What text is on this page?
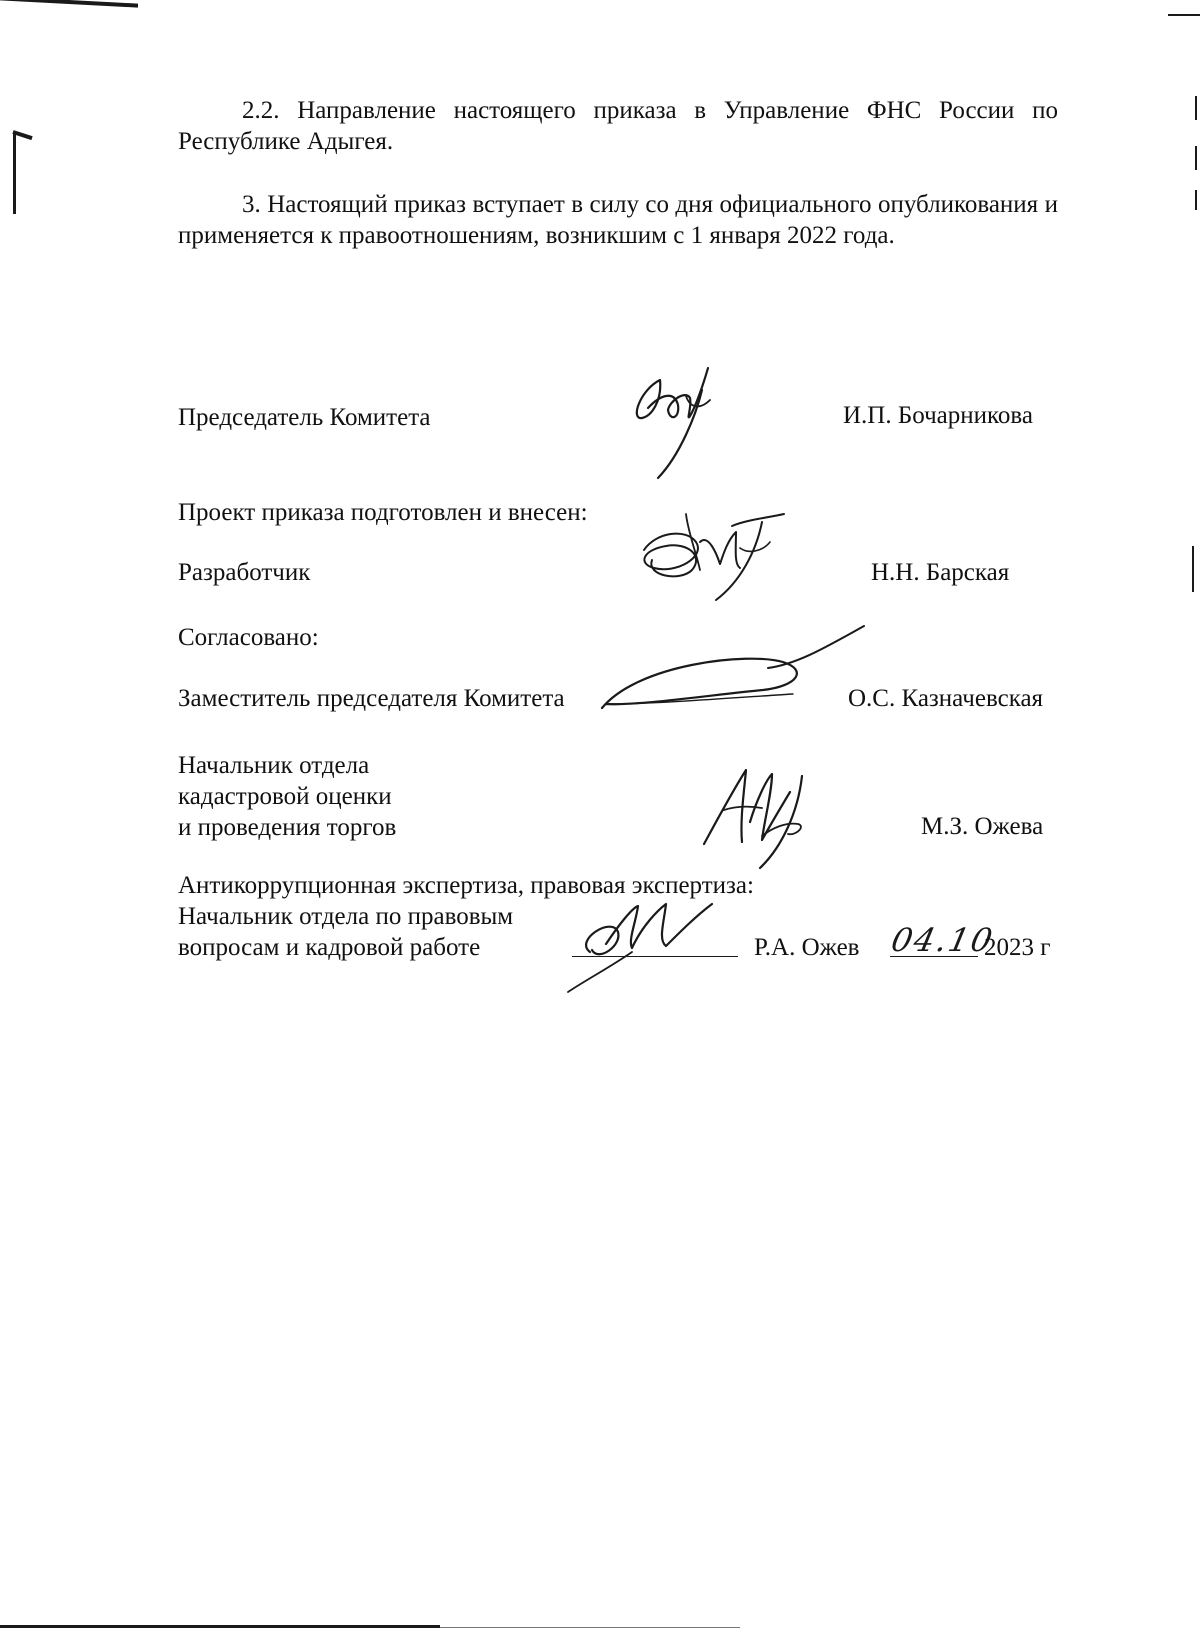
2.2. Направление настоящего приказа в Управление ФНС России по Республике Адыгея.
3. Настоящий приказ вступает в силу со дня официального опубликования и применяется к правоотношениям, возникшим с 1 января 2022 года.
Председатель Комитета	И.П. Бочарникова
Проект приказа подготовлен и внесен:
Разработчик	Н.Н. Барская
Согласовано:
Заместитель председателя Комитета	О.С. Казначевская
Начальник отдела
кадастровой оценки
и проведения торгов	М.З. Ожева
Антикоррупционная экспертиза, правовая экспертиза:
Начальник отдела по правовым
вопросам и кадровой работе	Р.А. Ожев 04.10
2023 г
